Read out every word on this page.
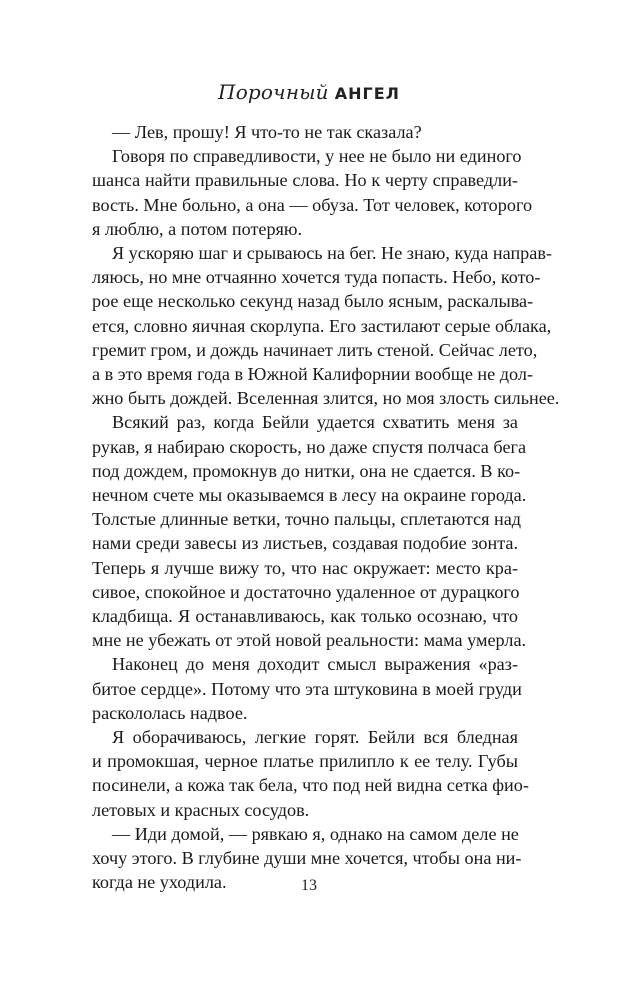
Порочный АНГЕЛ

— Лев, прошу! Я что-то не так сказала?

Говоря по справедливости, у нее не было ни единого
шанса найти правильные слова. Но к черту справедли-
вость. Мне больно, а она — обуза. Тот человек, которого
я люблю, а потом потеряю.

Я ускоряю шаг и срываюсь на бег. Не знаю, куда направ-
ляюсь, но мне отчаянно хочется туда попасть. Небо, кото-
рое еще несколько секунд назад было ясным, раскалыва-
ется, словно яичная скорлупа. Его застилают серые облака,
гремит гром, и дождь начинает лить стеной. Сейчас лето,
а в это время года в Южной Калифорнии вообще не дол-
жно быть дождей. Вселенная злится, но моя злость сильнее.

Всякий раз, когда Бейли удается схватить меня за
рукав, я набираю скорость, но даже спустя полчаса бега
под дождем, промокнув до нитки, она не сдается. В ко-
нечном счете мы оказываемся в лесу на окраине города.
Толстые длинные ветки, точно пальцы, сплетаются над
нами среди завесы из листьев, создавая подобие зонта.
Теперь я лучше вижу то, что нас окружает: место кра-
сивое, спокойное и достаточно удаленное от дурацкого
кладбища. Я останавливаюсь, как только осознаю, что
мне не убежать от этой новой реальности: мама умерла.

Наконец до меня доходит смысл выражения «раз-
битое сердце». Потому что эта штуковина в моей груди
раскололась надвое.

Я оборачиваюсь, легкие горят. Бейли вся бледная
и промокшая, черное платье прилипло к ее телу. Губы
посинели, а кожа так бела, что под ней видна сетка фио-
летовых и красных сосудов.

— Иди домой, — рявкаю я, однако на самом деле не
хочу этого. В глубине души мне хочется, чтобы она ни-
когда не уходила.	13
